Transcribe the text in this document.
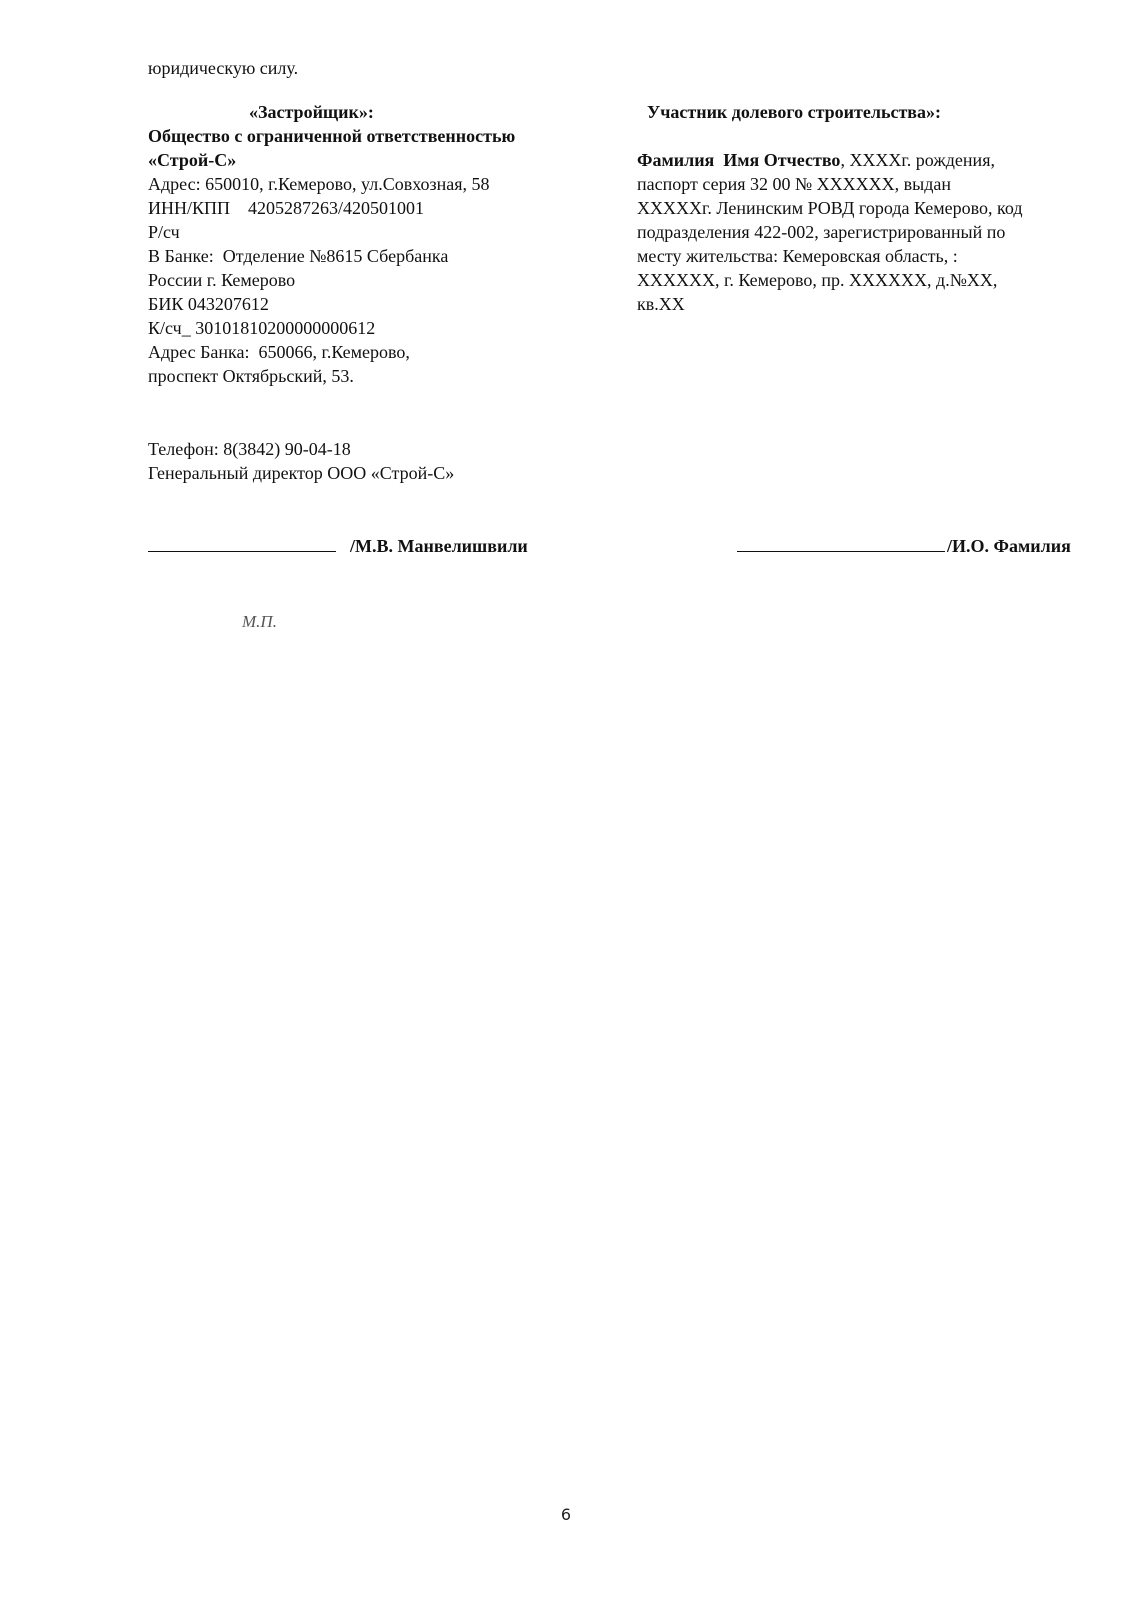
юридическую силу.
«Застройщик»:
Общество с ограниченной ответственностью
«Строй-С»
Адрес: 650010, г.Кемерово, ул.Совхозная, 58
ИНН/КПП    4205287263/420501001
Р/сч
В Банке:  Отделение №8615 Сбербанка
России г. Кемерово
БИК 043207612
К/сч_ 30101810200000000612
Адрес Банка:  650066, г.Кемерово,
проспект Октябрьский, 53.
Участник долевого строительства»:
Фамилия  Имя Отчество, ХХХХг. рождения,
паспорт серия 32 00 № ХХХХХХ, выдан
ХХХХХг. Ленинским РОВД города Кемерово, код
подразделения 422-002, зарегистрированный по
месту жительства: Кемеровская область, :
ХХХХХХ, г. Кемерово, пр. ХХХХХХ, д.№ХХ,
кв.ХХ
Телефон: 8(3842) 90-04-18
Генеральный директор ООО «Строй-С»
/М.В. Манвелишвили	/И.О. Фамилия
М.П.
6
